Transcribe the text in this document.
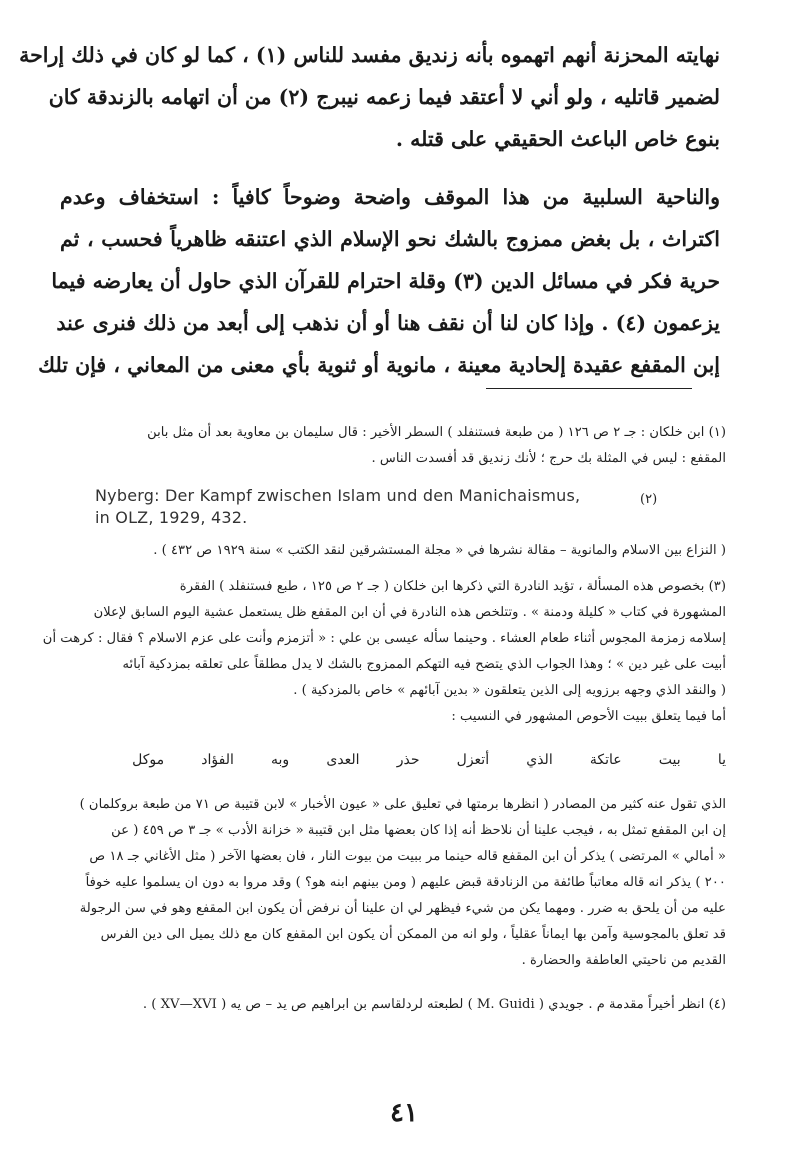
نهايته المحزنة أنهم اتهموه بأنه زنديق مفسد للناس (١) ، كما لو كان في ذلك إراحة
لضمير قاتليه ، ولو أني لا أعتقد فيما زعمه نيبرج (٢) من أن اتهامه بالزندقة كان
بنوع خاص الباعث الحقيقي على قتله .
والناحية السلبية من هذا الموقف واضحة وضوحاً كافياً : استخفاف وعدم
اكتراث ، بل بغض ممزوج بالشك نحو الإسلام الذي اعتنقه ظاهرياً فحسب ، ثم
حرية فكر في مسائل الدين (٣) وقلة احترام للقرآن الذي حاول أن يعارضه فيما
يزعمون (٤) . وإذا كان لنا أن نقف هنا أو أن نذهب إلى أبعد من ذلك فنرى عند
إبن المقفع عقيدة إلحادية معينة ، مانوية أو ثنوية بأي معنى من المعاني ، فإن تلك
(١) ابن خلكان : جـ ٢ ص ١٢٦ ( من طبعة فستنفلد ) السطر الأخير : قال سليمان بن معاوية بعد أن مثل بابن
المقفع : ليس في المثلة بك حرج ؛ لأنك زنديق قد أفسدت الناس .
(٢)
Nyberg: Der Kampf zwischen Islam und den Manichaismus,
in OLZ, 1929, 432.
( النزاع بين الاسلام والمانوية – مقالة نشرها في « مجلة المستشرقين لنقد الكتب » سنة ١٩٢٩ ص ٤٣٢ ) .
(٣) بخصوص هذه المسألة ، تؤيد النادرة التي ذكرها ابن خلكان ( جـ ٢ ص ١٢٥ ، طبع فستنفلد ) الفقرة
المشهورة في كتاب « كليلة ودمنة » . وتتلخص هذه النادرة في أن ابن المقفع ظل يستعمل عشية اليوم السابق لإعلان
إسلامه زمزمة المجوس أثناء طعام العشاء . وحينما سأله عيسى بن علي : « أتزمزم وأنت على عزم الاسلام ؟ فقال : كرهت أن
أبيت على غير دين » ؛ وهذا الجواب الذي يتضح فيه التهكم الممزوج بالشك لا يدل مطلقاً على تعلقه بمزدكية آبائه
( والنقد الذي وجهه برزويه إلى الذين يتعلقون « بدين آبائهم » خاص بالمزدكية ) .
أما فيما يتعلق ببيت الأحوص المشهور في النسيب :
يا
بيت
عاتكة
الذي
أتعزل
حذر
العدى
وبه
الفؤاد
موكل
الذي تقول عنه كثير من المصادر ( انظرها برمتها في تعليق على « عيون الأخبار » لابن قتيبة ص ٧١ من طبعة بروكلمان )
إن ابن المقفع تمثل به ، فيجب علينا أن نلاحظ أنه إذا كان بعضها مثل ابن قتيبة « خزانة الأدب » جـ ٣ ص ٤٥٩ ( عن
« أمالي » المرتضى ) يذكر أن ابن المقفع قاله حينما مر ببيت من بيوت النار ، فان بعضها الآخر ( مثل الأغاني جـ ١٨ ص
٢٠٠ ) يذكر انه قاله معاتباً طائفة من الزنادقة قبض عليهم ( ومن بينهم ابنه هو؟ ) وقد مروا به دون ان يسلموا عليه خوفاً
عليه من أن يلحق به ضرر . ومهما يكن من شيء فيظهر لي ان علينا أن نرفض أن يكون ابن المقفع وهو في سن الرجولة
قد تعلق بالمجوسية وآمن بها ايماناً عقلياً ، ولو انه من الممكن أن يكون ابن المقفع كان مع ذلك يميل الى دين الفرس
القديم من ناحيتي العاطفة والحضارة .
(٤) انظر أخيراً مقدمة م . جويدي ( M. Guidi ) لطبعته لردلقاسم بن ابراهيم ص يد – ص يه ( XV—XVI ) .
٤١
